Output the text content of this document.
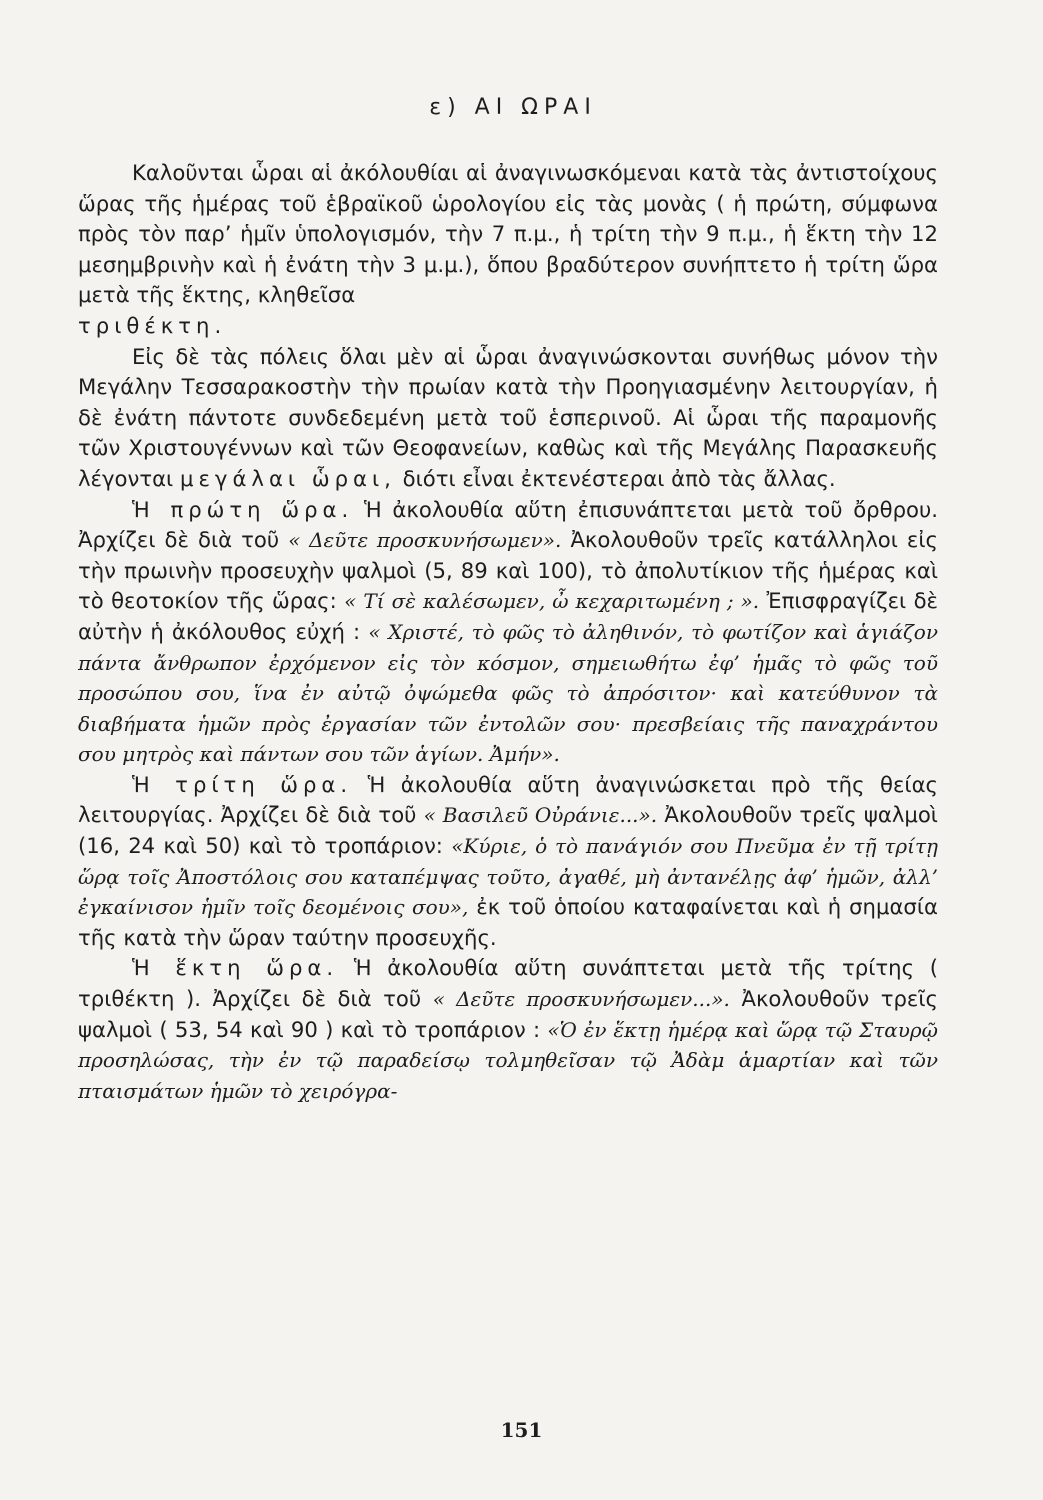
ε) ΑΙ ΩΡΑΙ

Καλοῦνται ὧραι αἱ ἀκόλουθίαι αἱ ἀναγινωσκόμεναι κατὰ τὰς ἀντιστοίχους ὥρας τῆς ἡμέρας τοῦ ἑβραϊκοῦ ὡρολογίου εἰς τὰς μονὰς ( ἡ πρώτη, σύμφωνα πρὸς τὸν παρ’ ἡμῖν ὑπολογισμόν, τὴν 7 π.μ., ἡ τρίτη τὴν 9 π.μ., ἡ ἕκτη τὴν 12 μεσημβρινὴν καὶ ἡ ἐνάτη τὴν 3 μ.μ.), ὅπου βραδύτερον συνήπτετο ἡ τρίτη ὥρα μετὰ τῆς ἕκτης, κληθεῖσα
τριθέκτη.

Εἰς δὲ τὰς πόλεις ὅλαι μὲν αἱ ὧραι ἀναγινώσκονται συνήθως μόνον τὴν Μεγάλην Τεσσαρακοστὴν τὴν πρωίαν κατὰ τὴν Προηγιασμένην λειτουργίαν, ἡ δὲ ἐνάτη πάντοτε συνδεδεμένη μετὰ τοῦ ἑσπερινοῦ. Αἱ ὧραι τῆς παραμονῆς τῶν Χριστουγέννων καὶ τῶν Θεοφανείων, καθὼς καὶ τῆς Μεγάλης Παρασκευῆς λέγονται μεγάλαι ὧραι, διότι εἶναι ἐκτενέστεραι ἀπὸ τὰς ἄλλας.

Ἡ πρώτη ὥρα. Ἡ ἀκολουθία αὕτη ἐπισυνάπτεται μετὰ τοῦ ὄρθρου. Ἀρχίζει δὲ διὰ τοῦ « Δεῦτε προσκυνήσωμεν». Ἀκολουθοῦν τρεῖς κατάλληλοι εἰς τὴν πρωινὴν προσευχὴν ψαλμοὶ (5, 89 καὶ 100), τὸ ἀπολυτίκιον τῆς ἡμέρας καὶ τὸ θεοτοκίον τῆς ὥρας: « Τί σὲ καλέσωμεν, ὦ κεχαριτωμένη ; ». Ἐπισφραγίζει δὲ αὐτὴν ἡ ἀκόλουθος εὐχή : « Χριστέ, τὸ φῶς τὸ ἀληθινόν, τὸ φωτίζον καὶ ἁγιάζον πάντα ἄνθρωπον ἐρχόμενον εἰς τὸν κόσμον, σημειωθήτω ἐφ’ ἡμᾶς τὸ φῶς τοῦ προσώπου σου, ἵνα ἐν αὐτῷ ὀψώμεθα φῶς τὸ ἀπρόσιτον· καὶ κατεύθυνον τὰ διαβήματα ἡμῶν πρὸς ἐργασίαν τῶν ἐντολῶν σου· πρεσβείαις τῆς παναχράντου σου μητρὸς καὶ πάντων σου τῶν ἁγίων. Ἀμήν».

Ἡ τρίτη ὥρα. Ἡ ἀκολουθία αὕτη ἀναγινώσκεται πρὸ τῆς θείας λειτουργίας. Ἀρχίζει δὲ διὰ τοῦ « Βασιλεῦ Οὐράνιε...». Ἀκολουθοῦν τρεῖς ψαλμοὶ (16, 24 καὶ 50) καὶ τὸ τροπάριον: «Κύριε, ὁ τὸ πανάγιόν σου Πνεῦμα ἐν τῇ τρίτῃ ὥρᾳ τοῖς Ἀποστόλοις σου καταπέμψας τοῦτο, ἀγαθέ, μὴ ἀντανέλῃς ἀφ’ ἡμῶν, ἀλλ’ ἐγκαίνισον ἡμῖν τοῖς δεομένοις σου», ἐκ τοῦ ὁποίου καταφαίνεται καὶ ἡ σημασία τῆς κατὰ τὴν ὥραν ταύτην προσευχῆς.

Ἡ ἕκτη ὥρα. Ἡ ἀκολουθία αὕτη συνάπτεται μετὰ τῆς τρίτης ( τριθέκτη ). Ἀρχίζει δὲ διὰ τοῦ « Δεῦτε προσκυνήσωμεν...». Ἀκολουθοῦν τρεῖς ψαλμοὶ ( 53, 54 καὶ 90 ) καὶ τὸ τροπάριον : «Ὁ ἐν ἕκτῃ ἡμέρᾳ καὶ ὥρᾳ τῷ Σταυρῷ προσηλώσας, τὴν ἐν τῷ παραδείσῳ τολμηθεῖσαν τῷ Ἀδὰμ ἁμαρτίαν καὶ τῶν πταισμάτων ἡμῶν τὸ χειρόγρα-

151
